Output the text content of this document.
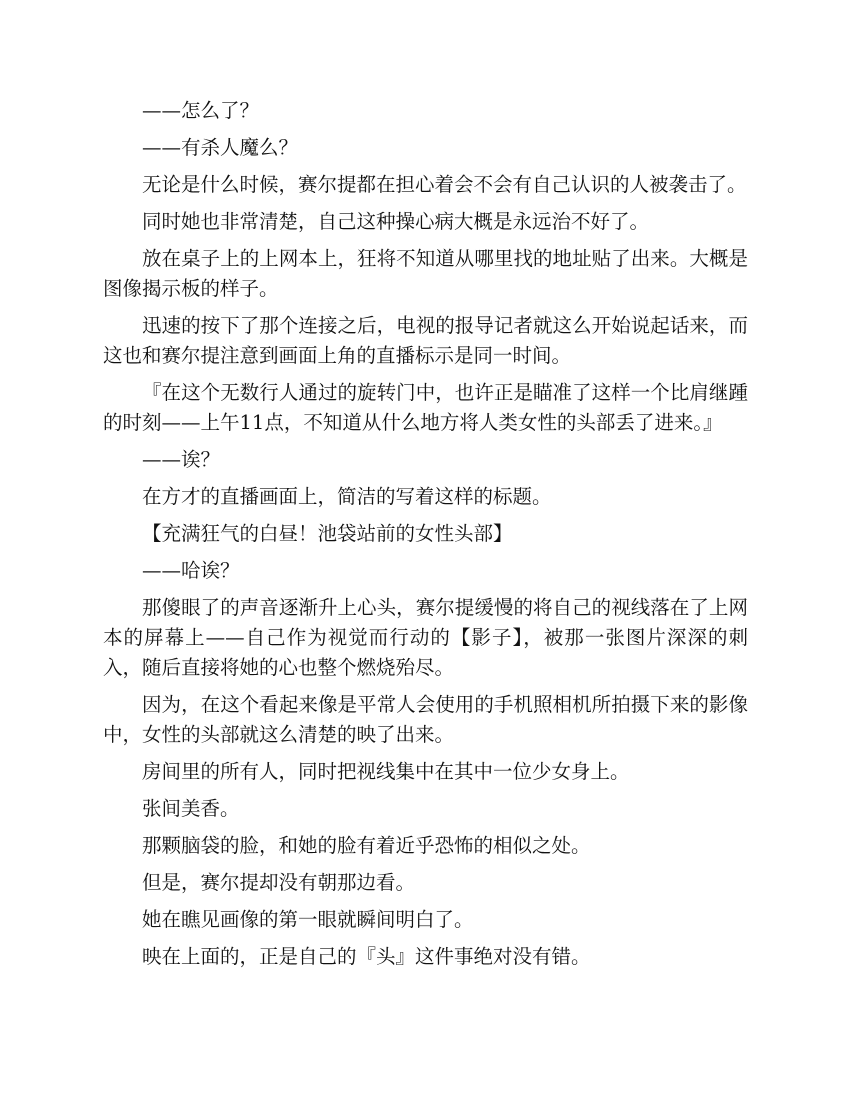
——怎么了？

——有杀人魔么？

无论是什么时候，赛尔提都在担心着会不会有自己认识的人被袭击了。

同时她也非常清楚，自己这种操心病大概是永远治不好了。

放在桌子上的上网本上，狂将不知道从哪里找的地址贴了出来。大概是图像揭示板的样子。

迅速的按下了那个连接之后，电视的报导记者就这么开始说起话来，而这也和赛尔提注意到画面上角的直播标示是同一时间。

『在这个无数行人通过的旋转门中，也许正是瞄准了这样一个比肩继踵的时刻——上午11点，不知道从什么地方将人类女性的头部丢了进来。』

——诶？

在方才的直播画面上，简洁的写着这样的标题。

【充满狂气的白昼！池袋站前的女性头部】

——哈诶？

那傻眼了的声音逐渐升上心头，赛尔提缓慢的将自己的视线落在了上网本的屏幕上——自己作为视觉而行动的【影子】，被那一张图片深深的刺入，随后直接将她的心也整个燃烧殆尽。

因为，在这个看起来像是平常人会使用的手机照相机所拍摄下来的影像中，女性的头部就这么清楚的映了出来。

房间里的所有人，同时把视线集中在其中一位少女身上。

张间美香。

那颗脑袋的脸，和她的脸有着近乎恐怖的相似之处。

但是，赛尔提却没有朝那边看。

她在瞧见画像的第一眼就瞬间明白了。

映在上面的，正是自己的『头』这件事绝对没有错。
